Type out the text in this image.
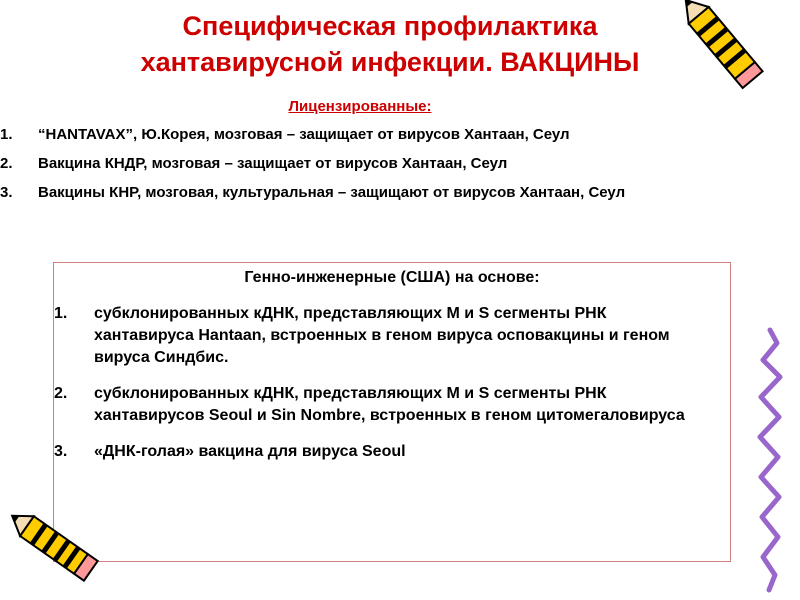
Специфическая профилактика
хантавирусной инфекции. ВАКЦИНЫ
Лицензированные:
1. “HANTAVAX”, Ю.Корея, мозговая – защищает от вирусов Хантаан, Сеул
2. Вакцина КНДР, мозговая – защищает от вирусов Хантаан, Сеул
3. Вакцины КНР, мозговая, культуральная – защищают от вирусов Хантаан, Сеул
Генно-инженерные (США) на основе:
1. субклонированных кДНК, представляющих M и S сегменты РНК хантавируса Hantaan, встроенных в геном вируса осповакцины и геном вируса Синдбис.
2. субклонированных кДНК, представляющих M и S сегменты РНК хантавирусов Seoul и Sin Nombre, встроенных в геном цитомегаловируса
3. «ДНК-голая» вакцина для вируса Seoul
